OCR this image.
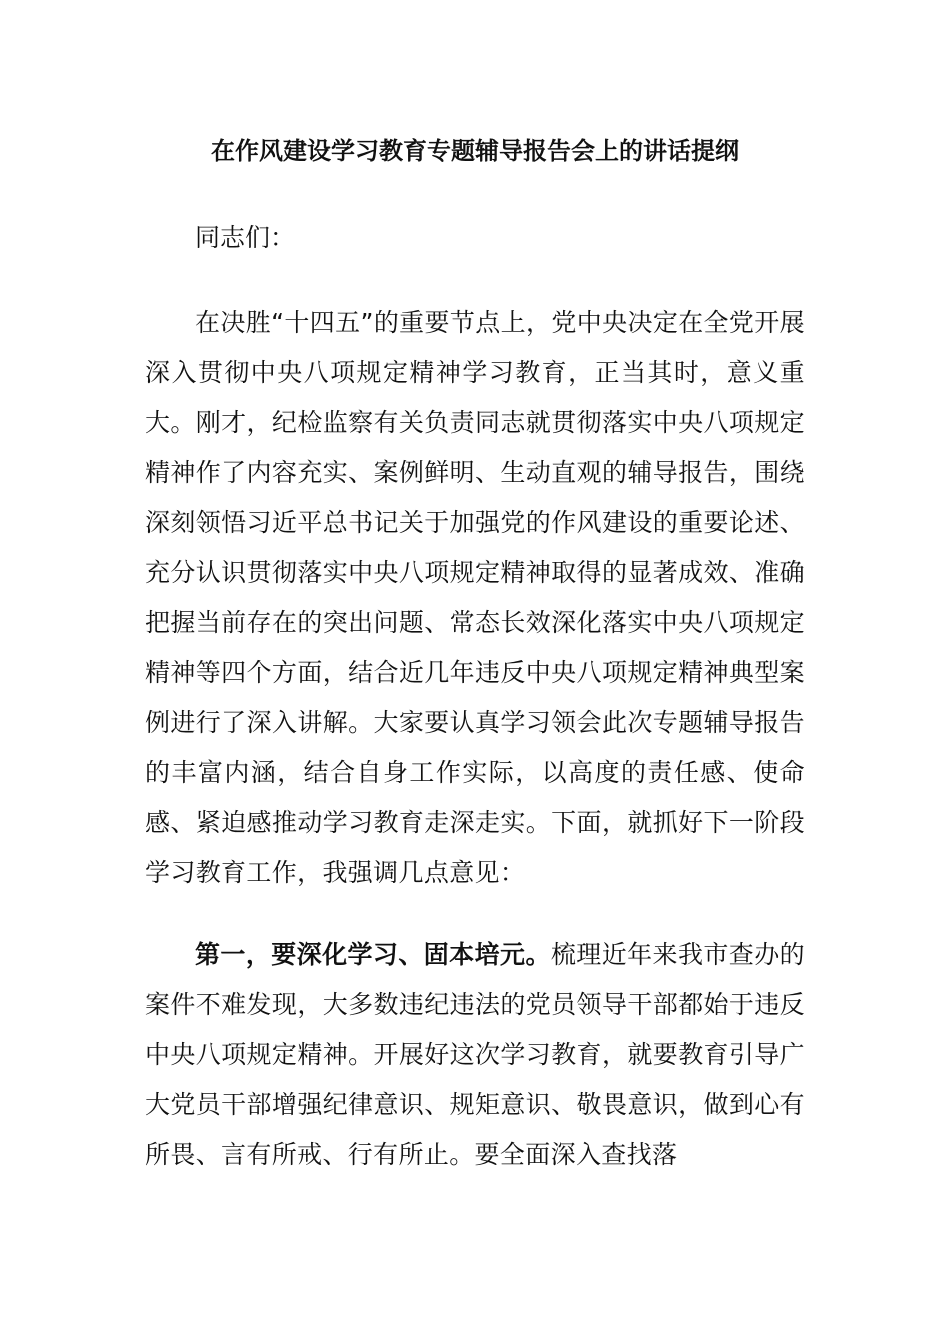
在作风建设学习教育专题辅导报告会上的讲话提纲

同志们：

在决胜“十四五”的重要节点上，党中央决定在全党开展深入贯彻中央八项规定精神学习教育，正当其时，意义重大。刚才，纪检监察有关负责同志就贯彻落实中央八项规定精神作了内容充实、案例鲜明、生动直观的辅导报告，围绕深刻领悟习近平总书记关于加强党的作风建设的重要论述、充分认识贯彻落实中央八项规定精神取得的显著成效、准确把握当前存在的突出问题、常态长效深化落实中央八项规定精神等四个方面，结合近几年违反中央八项规定精神典型案例进行了深入讲解。大家要认真学习领会此次专题辅导报告的丰富内涵，结合自身工作实际，以高度的责任感、使命感、紧迫感推动学习教育走深走实。下面，就抓好下一阶段学习教育工作，我强调几点意见：

第一，要深化学习、固本培元。梳理近年来我市查办的案件不难发现，大多数违纪违法的党员领导干部都始于违反中央八项规定精神。开展好这次学习教育，就要教育引导广大党员干部增强纪律意识、规矩意识、敬畏意识，做到心有所畏、言有所戒、行有所止。要全面深入查找落
